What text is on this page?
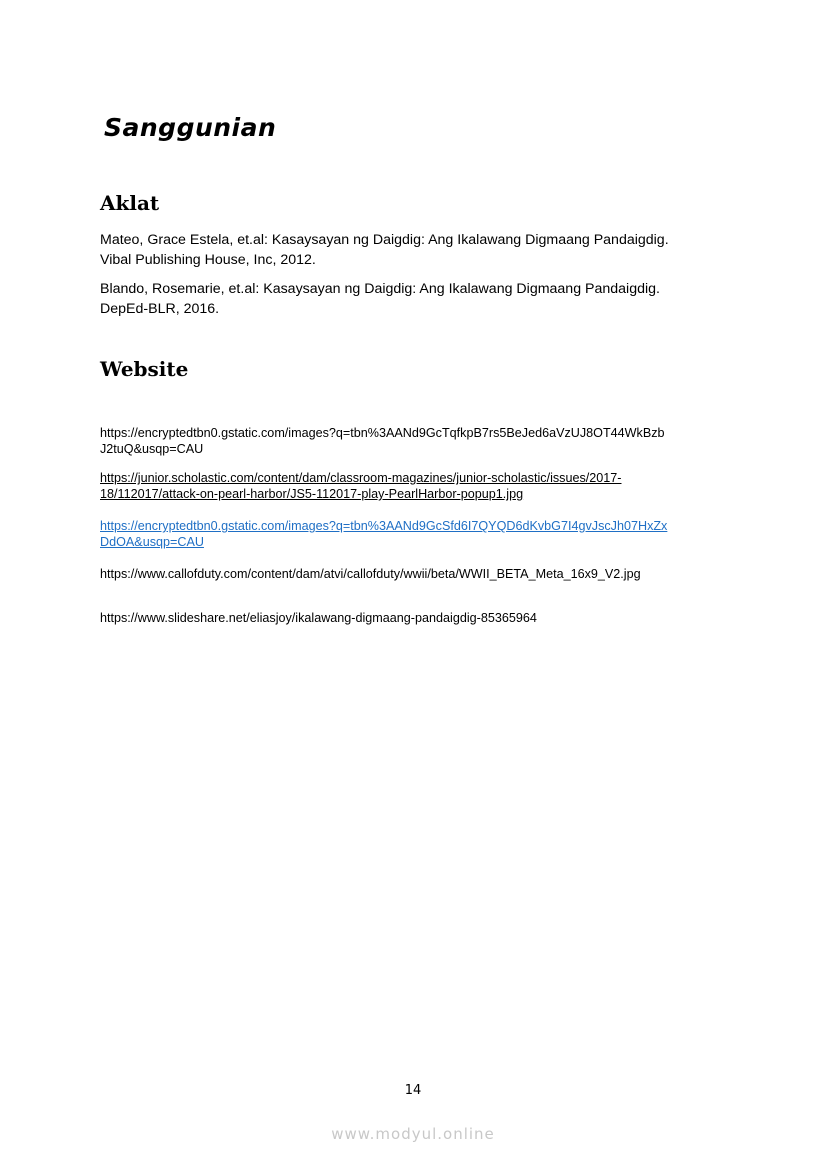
Sanggunian
Aklat

Mateo, Grace Estela, et.al: Kasaysayan ng Daigdig: Ang Ikalawang Digmaang Pandaigdig.
Vibal Publishing House, Inc, 2012.

Blando, Rosemarie, et.al: Kasaysayan ng Daigdig: Ang Ikalawang Digmaang Pandaigdig.
DepEd-BLR, 2016.

Website

https://encryptedtbn0.gstatic.com/images?q=tbn%3AANd9GcTqfkpB7rs5BeJed6aVzUJ8OT44WkBzb
J2tuQ&usqp=CAU

https://junior.scholastic.com/content/dam/classroom-magazines/junior-scholastic/issues/2017-
18/112017/attack-on-pearl-harbor/JS5-112017-play-PearlHarbor-popup1.jpg

https://encryptedtbn0.gstatic.com/images?q=tbn%3AANd9GcSfd6I7QYQD6dKvbG7I4gvJscJh07HxZx
DdOA&usqp=CAU

https://www.callofduty.com/content/dam/atvi/callofduty/wwii/beta/WWII_BETA_Meta_16x9_V2.jpg

https://www.slideshare.net/eliasjoy/ikalawang-digmaang-pandaigdig-85365964

14
www.modyul.online
